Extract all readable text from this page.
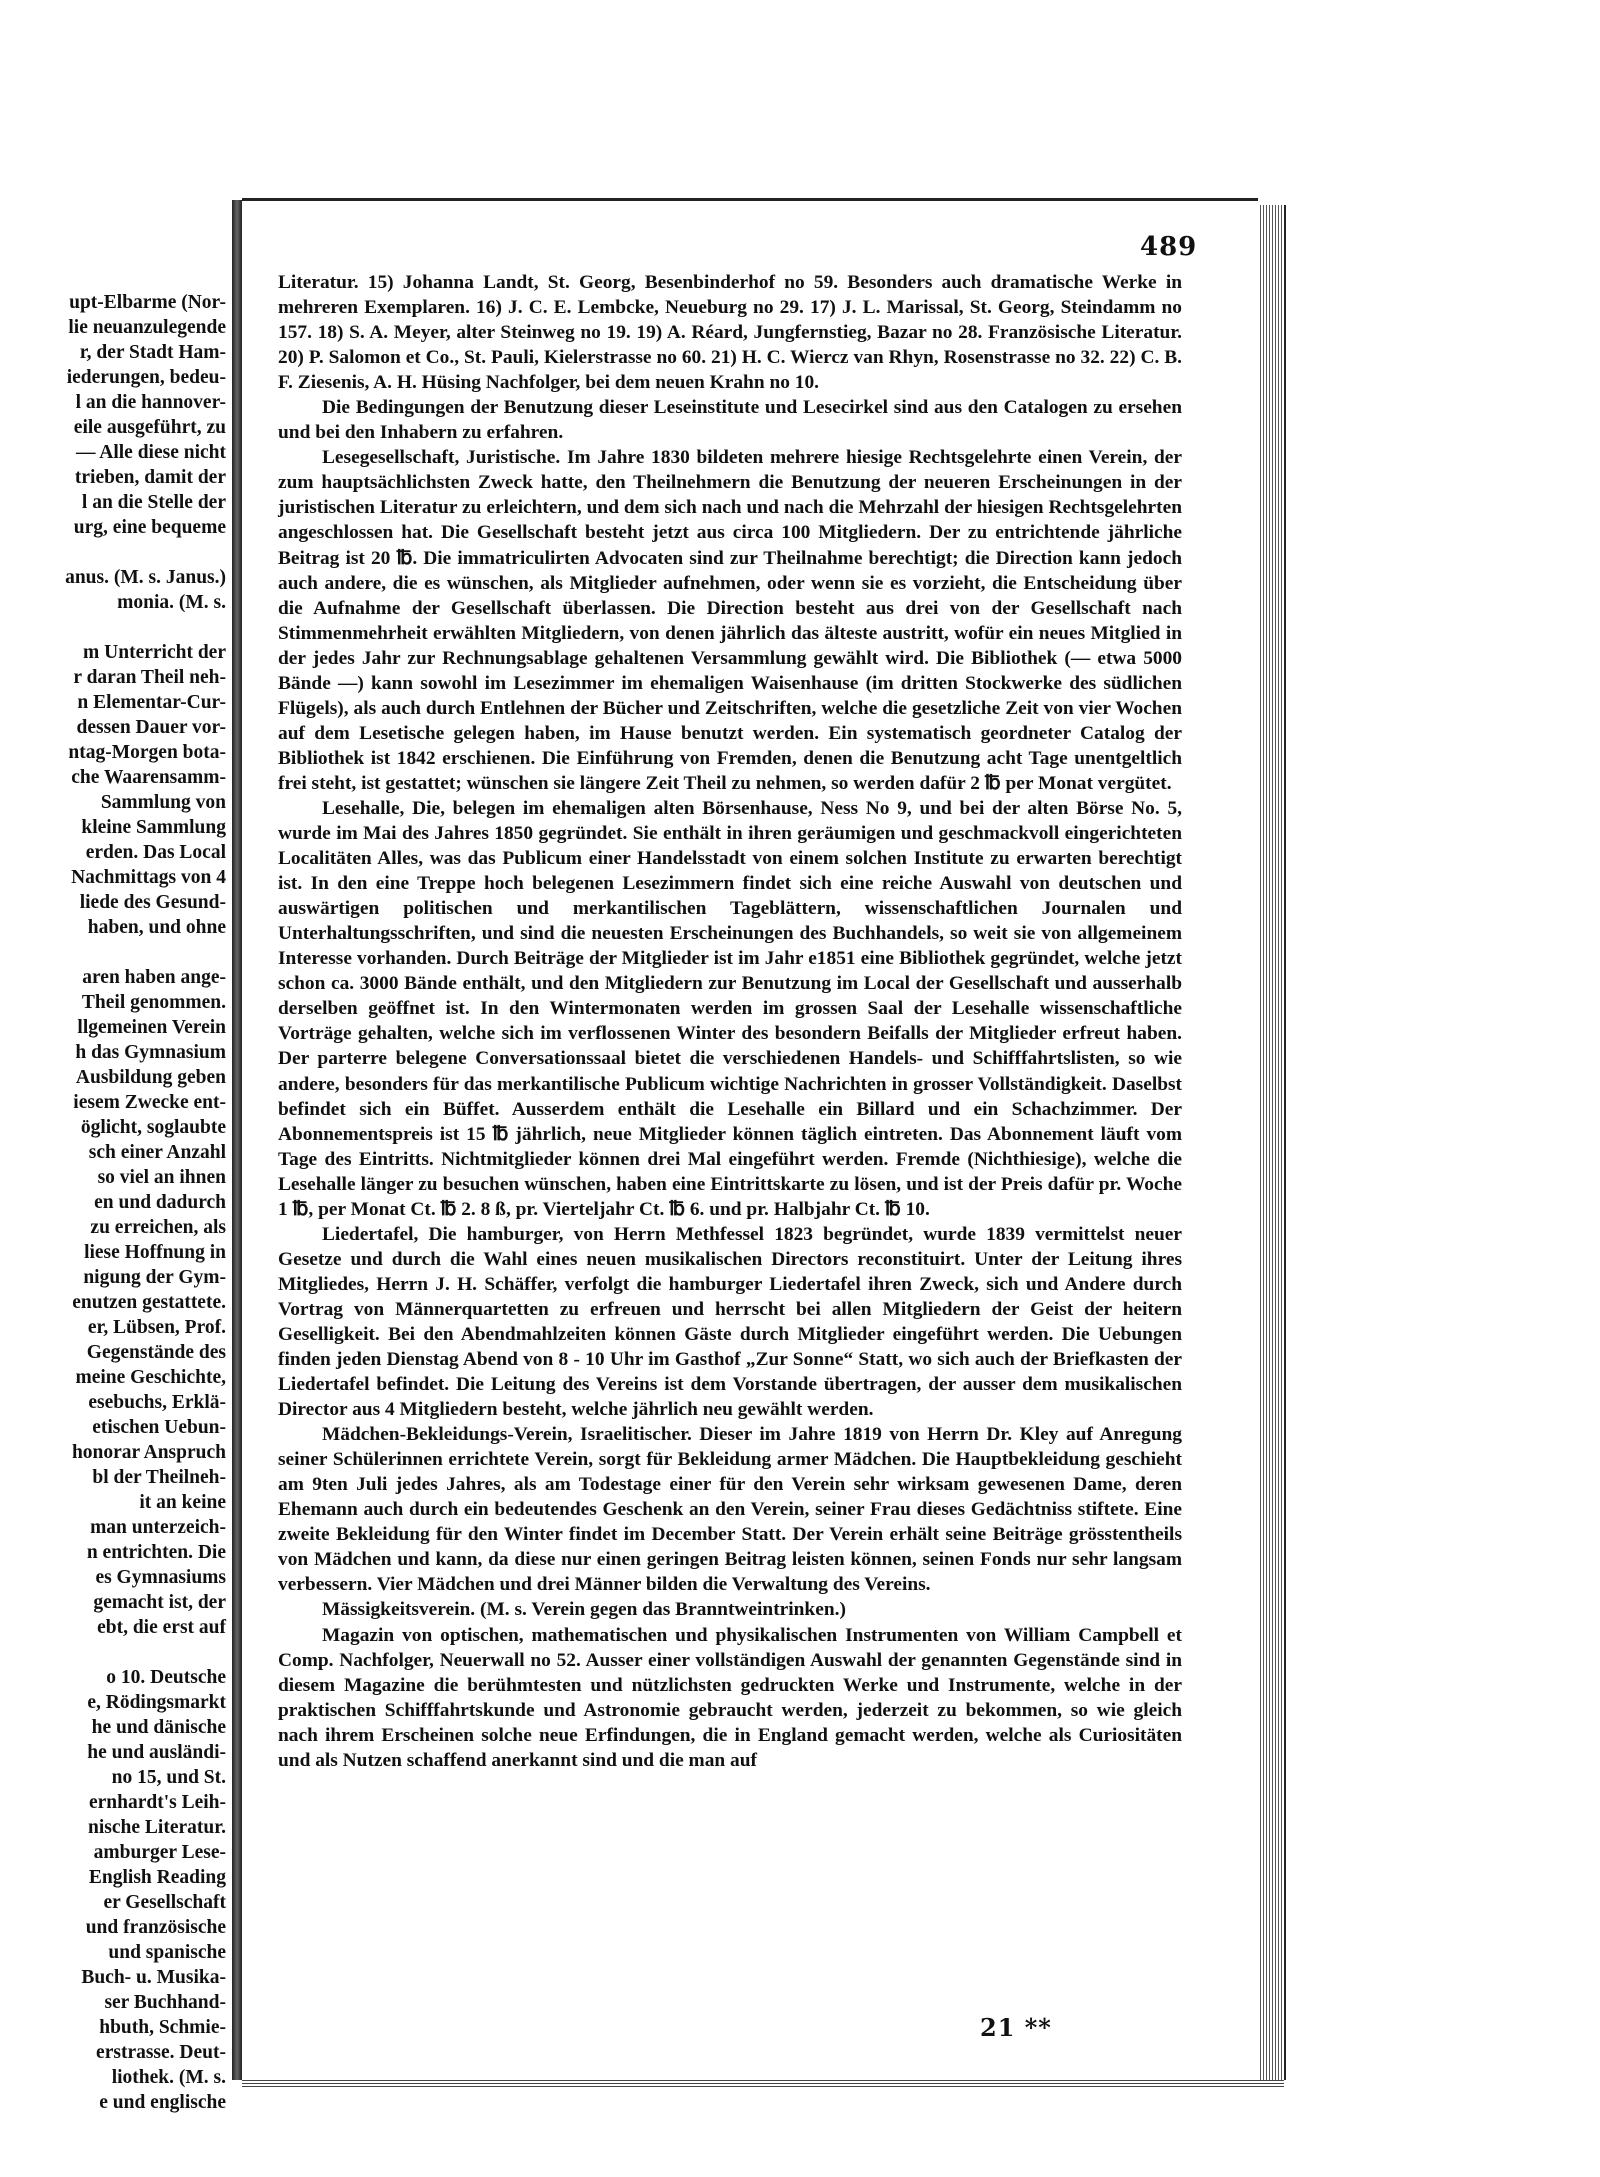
upt-Elbarme (Nor-
lie neuanzulegende
r, der Stadt Ham-
iederungen, bedeu-
l an die hannover-
eile ausgeführt, zu
— Alle diese nicht
trieben, damit der
l an die Stelle der
urg, eine bequeme
anus. (M. s. Janus.)
monia. (M. s.
m Unterricht der
r daran Theil neh-
n Elementar-Cur-
dessen Dauer vor-
ntag-Morgen bota-
che Waarensamm-
Sammlung von
kleine Sammlung
erden. Das Local
Nachmittags von 4
liede des Gesund-
haben, und ohne
aren haben ange-
Theil genommen.
llgemeinen Verein
h das Gymnasium
Ausbildung geben
iesem Zwecke ent-
öglicht, soglaubte
sch einer Anzahl
so viel an ihnen
en und dadurch
zu erreichen, als
liese Hoffnung in
nigung der Gym-
enutzen gestattete.
er, Lübsen, Prof.
Gegenstände des
meine Geschichte,
esebuchs, Erklä-
etischen Uebun-
honorar Anspruch
bl der Theilneh-
it an keine
man unterzeich-
n entrichten. Die
es Gymnasiums
gemacht ist, der
ebt, die erst auf
o 10. Deutsche
e, Rödingsmarkt
he und dänische
he und ausländi-
no 15, und St.
ernhardt's Leih-
nische Literatur.
amburger Lese-
English Reading
er Gesellschaft
und französische
und spanische
Buch- u. Musika-
ser Buchhand-
hbuth, Schmie-
erstrasse. Deut-
liothek. (M. s.
e und englische
489

Literatur. 15) Johanna Landt, St. Georg, Besenbinderhof no 59. Besonders auch dramatische Werke in mehreren Exemplaren. 16) J. C. E. Lembcke, Neueburg no 29. 17) J. L. Marissal, St. Georg, Steindamm no 157. 18) S. A. Meyer, alter Steinweg no 19. 19) A. Réard, Jungfernstieg, Bazar no 28. Französische Literatur. 20) P. Salomon et Co., St. Pauli, Kielerstrasse no 60. 21) H. C. Wiercz van Rhyn, Rosenstrasse no 32. 22) C. B. F. Ziesenis, A. H. Hüsing Nachfolger, bei dem neuen Krahn no 10.

Die Bedingungen der Benutzung dieser Leseinstitute und Lesecirkel sind aus den Catalogen zu ersehen und bei den Inhabern zu erfahren.

Lesegesellschaft, Juristische. Im Jahre 1830 bildeten mehrere hiesige Rechtsgelehrte einen Verein, der zum hauptsächlichsten Zweck hatte, den Theilnehmern die Benutzung der neueren Erscheinungen in der juristischen Literatur zu erleichtern, und dem sich nach und nach die Mehrzahl der hiesigen Rechtsgelehrten angeschlossen hat. Die Gesellschaft besteht jetzt aus circa 100 Mitgliedern. Der zu entrichtende jährliche Beitrag ist 20 ℔. Die immatriculirten Advocaten sind zur Theilnahme berechtigt; die Direction kann jedoch auch andere, die es wünschen, als Mitglieder aufnehmen, oder wenn sie es vorzieht, die Entscheidung über die Aufnahme der Gesellschaft überlassen. Die Direction besteht aus drei von der Gesellschaft nach Stimmenmehrheit erwählten Mitgliedern, von denen jährlich das älteste austritt, wofür ein neues Mitglied in der jedes Jahr zur Rechnungsablage gehaltenen Versammlung gewählt wird. Die Bibliothek (— etwa 5000 Bände —) kann sowohl im Lesezimmer im ehemaligen Waisenhause (im dritten Stockwerke des südlichen Flügels), als auch durch Entlehnen der Bücher und Zeitschriften, welche die gesetzliche Zeit von vier Wochen auf dem Lesetische gelegen haben, im Hause benutzt werden. Ein systematisch geordneter Catalog der Bibliothek ist 1842 erschienen. Die Einführung von Fremden, denen die Benutzung acht Tage unentgeltlich frei steht, ist gestattet; wünschen sie längere Zeit Theil zu nehmen, so werden dafür 2 ℔ per Monat vergütet.

Lesehalle, Die, belegen im ehemaligen alten Börsenhause, Ness No 9, und bei der alten Börse No. 5, wurde im Mai des Jahres 1850 gegründet. Sie enthält in ihren geräumigen und geschmackvoll eingerichteten Localitäten Alles, was das Publicum einer Handelsstadt von einem solchen Institute zu erwarten berechtigt ist. In den eine Treppe hoch belegenen Lesezimmern findet sich eine reiche Auswahl von deutschen und auswärtigen politischen und merkantilischen Tageblättern, wissenschaftlichen Journalen und Unterhaltungsschriften, und sind die neuesten Erscheinungen des Buchhandels, so weit sie von allgemeinem Interesse vorhanden. Durch Beiträge der Mitglieder ist im Jahr e1851 eine Bibliothek gegründet, welche jetzt schon ca. 3000 Bände enthält, und den Mitgliedern zur Benutzung im Local der Gesellschaft und ausserhalb derselben geöffnet ist. In den Wintermonaten werden im grossen Saal der Lesehalle wissenschaftliche Vorträge gehalten, welche sich im verflossenen Winter des besondern Beifalls der Mitglieder erfreut haben. Der parterre belegene Conversationssaal bietet die verschiedenen Handels- und Schifffahrtslisten, so wie andere, besonders für das merkantilische Publicum wichtige Nachrichten in grosser Vollständigkeit. Daselbst befindet sich ein Büffet. Ausserdem enthält die Lesehalle ein Billard und ein Schachzimmer. Der Abonnementspreis ist 15 ℔ jährlich, neue Mitglieder können täglich eintreten. Das Abonnement läuft vom Tage des Eintritts. Nichtmitglieder können drei Mal eingeführt werden. Fremde (Nichthiesige), welche die Lesehalle länger zu besuchen wünschen, haben eine Eintrittskarte zu lösen, und ist der Preis dafür pr. Woche 1 ℔, per Monat Ct. ℔ 2. 8 ß, pr. Vierteljahr Ct. ℔ 6. und pr. Halbjahr Ct. ℔ 10.

Liedertafel, Die hamburger, von Herrn Methfessel 1823 begründet, wurde 1839 vermittelst neuer Gesetze und durch die Wahl eines neuen musikalischen Directors reconstituirt. Unter der Leitung ihres Mitgliedes, Herrn J. H. Schäffer, verfolgt die hamburger Liedertafel ihren Zweck, sich und Andere durch Vortrag von Männerquartetten zu erfreuen und herrscht bei allen Mitgliedern der Geist der heitern Geselligkeit. Bei den Abendmahlzeiten können Gäste durch Mitglieder eingeführt werden. Die Uebungen finden jeden Dienstag Abend von 8 - 10 Uhr im Gasthof „Zur Sonne“ Statt, wo sich auch der Briefkasten der Liedertafel befindet. Die Leitung des Vereins ist dem Vorstande übertragen, der ausser dem musikalischen Director aus 4 Mitgliedern besteht, welche jährlich neu gewählt werden.

Mädchen-Bekleidungs-Verein, Israelitischer. Dieser im Jahre 1819 von Herrn Dr. Kley auf Anregung seiner Schülerinnen errichtete Verein, sorgt für Bekleidung armer Mädchen. Die Hauptbekleidung geschieht am 9ten Juli jedes Jahres, als am Todestage einer für den Verein sehr wirksam gewesenen Dame, deren Ehemann auch durch ein bedeutendes Geschenk an den Verein, seiner Frau dieses Gedächtniss stiftete. Eine zweite Bekleidung für den Winter findet im December Statt. Der Verein erhält seine Beiträge grösstentheils von Mädchen und kann, da diese nur einen geringen Beitrag leisten können, seinen Fonds nur sehr langsam verbessern. Vier Mädchen und drei Männer bilden die Verwaltung des Vereins.

Mässigkeitsverein. (M. s. Verein gegen das Branntweintrinken.)

Magazin von optischen, mathematischen und physikalischen Instrumenten von William Campbell et Comp. Nachfolger, Neuerwall no 52. Ausser einer vollständigen Auswahl der genannten Gegenstände sind in diesem Magazine die berühmtesten und nützlichsten gedruckten Werke und Instrumente, welche in der praktischen Schifffahrtskunde und Astronomie gebraucht werden, jederzeit zu bekommen, so wie gleich nach ihrem Erscheinen solche neue Erfindungen, die in England gemacht werden, welche als Curiositäten und als Nutzen schaffend anerkannt sind und die man auf

21 **
